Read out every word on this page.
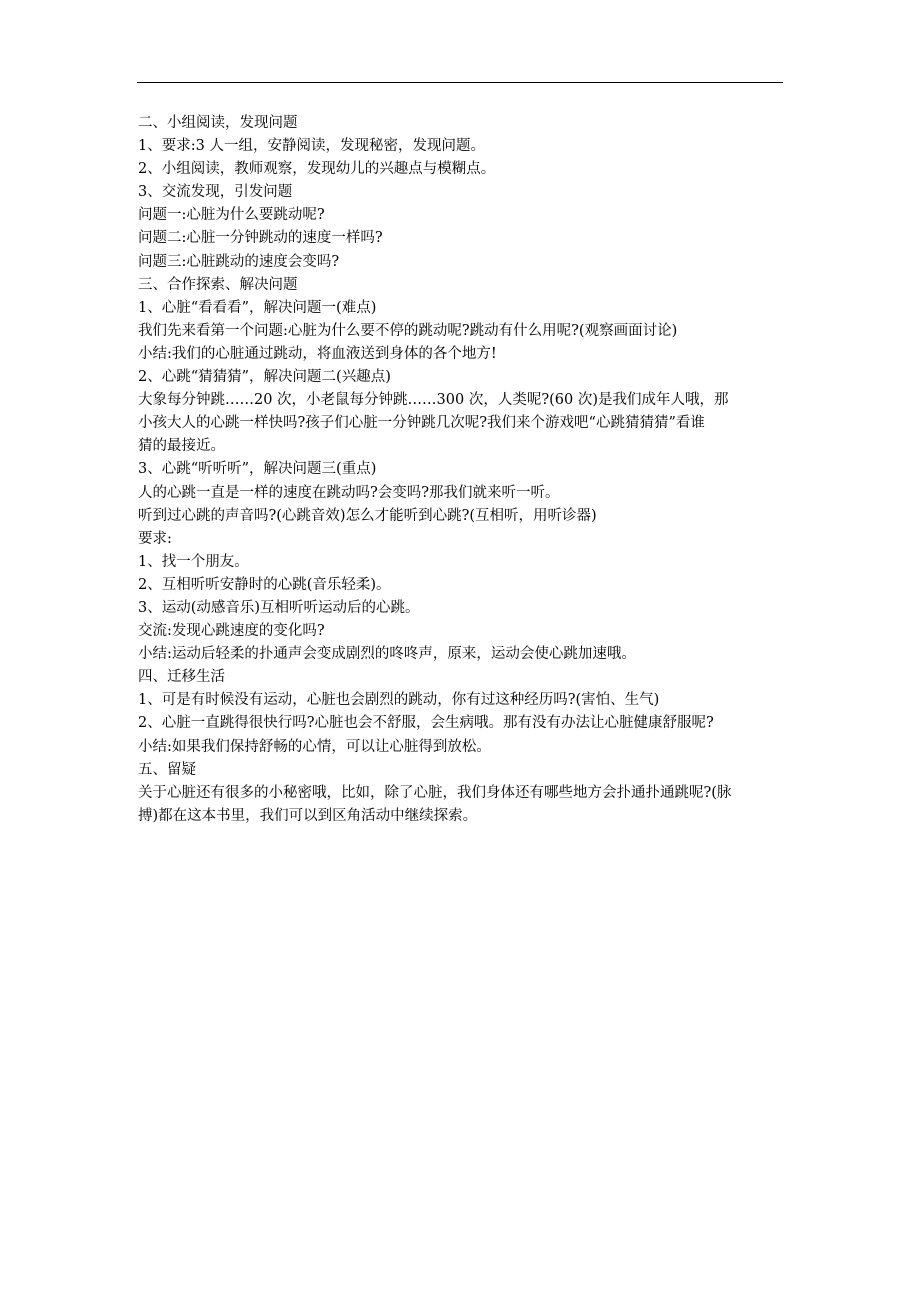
二、小组阅读，发现问题

1、要求:3 人一组，安静阅读，发现秘密，发现问题。

2、小组阅读，教师观察，发现幼儿的兴趣点与模糊点。

3、交流发现，引发问题

问题一:心脏为什么要跳动呢?

问题二:心脏一分钟跳动的速度一样吗?

问题三:心脏跳动的速度会变吗?

三、合作探索、解决问题

1、心脏“看看看”，解决问题一(难点)

我们先来看第一个问题:心脏为什么要不停的跳动呢?跳动有什么用呢?(观察画面讨论)

小结:我们的心脏通过跳动，将血液送到身体的各个地方!

2、心跳“猜猜猜”，解决问题二(兴趣点)

大象每分钟跳……20 次，小老鼠每分钟跳……300 次，人类呢?(60 次)是我们成年人哦，那

小孩大人的心跳一样快吗?孩子们心脏一分钟跳几次呢?我们来个游戏吧“心跳猜猜猜”看谁

猜的最接近。

3、心跳“听听听”，解决问题三(重点)

人的心跳一直是一样的速度在跳动吗?会变吗?那我们就来听一听。

听到过心跳的声音吗?(心跳音效)怎么才能听到心跳?(互相听，用听诊器)

要求:

1、找一个朋友。

2、互相听听安静时的心跳(音乐轻柔)。

3、运动(动感音乐)互相听听运动后的心跳。

交流:发现心跳速度的变化吗?

小结:运动后轻柔的扑通声会变成剧烈的咚咚声，原来，运动会使心跳加速哦。

四、迁移生活

1、可是有时候没有运动，心脏也会剧烈的跳动，你有过这种经历吗?(害怕、生气)

2、心脏一直跳得很快行吗?心脏也会不舒服，会生病哦。那有没有办法让心脏健康舒服呢?

小结:如果我们保持舒畅的心情，可以让心脏得到放松。

五、留疑

关于心脏还有很多的小秘密哦，比如，除了心脏，我们身体还有哪些地方会扑通扑通跳呢?(脉

搏)都在这本书里，我们可以到区角活动中继续探索。
